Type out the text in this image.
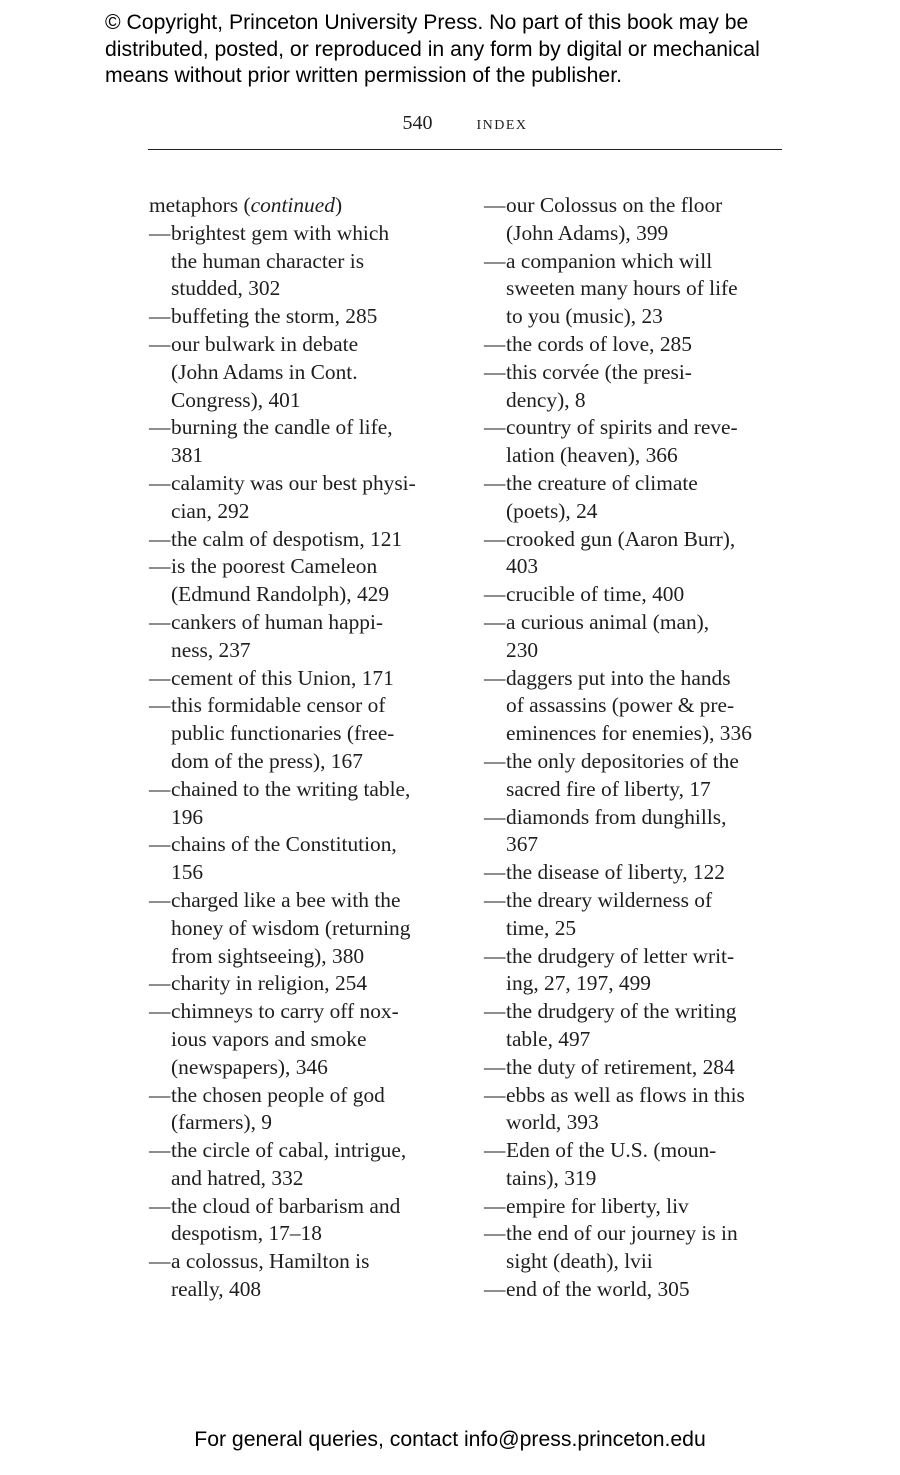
© Copyright, Princeton University Press. No part of this book may be
distributed, posted, or reproduced in any form by digital or mechanical
means without prior written permission of the publisher.
540 index
metaphors (continued)
— brightest gem with which
the human character is
studded, 302
— buffeting the storm, 285
— our bulwark in debate
(John Adams in Cont.
Congress), 401
— burning the candle of life,
381
— calamity was our best physi-
cian, 292
— the calm of despotism, 121
— is the poorest Cameleon
(Edmund Randolph), 429
— cankers of human happi-
ness, 237
— cement of this Union, 171
— this formidable censor of
public functionaries (free-
dom of the press), 167
— chained to the writing table,
196
— chains of the Constitution,
156
— charged like a bee with the
honey of wisdom (returning
from sightseeing), 380
— charity in religion, 254
— chimneys to carry off nox-
ious vapors and smoke
(newspapers), 346
— the chosen people of god
(farmers), 9
— the circle of cabal, intrigue,
and hatred, 332
— the cloud of barbarism and
despotism, 17–18
— a colossus, Hamilton is
really, 408
— our Colossus on the floor
(John Adams), 399
— a companion which will
sweeten many hours of life
to you (music), 23
— the cords of love, 285
— this corvée (the presi-
dency), 8
— country of spirits and reve-
lation (heaven), 366
— the creature of climate
(poets), 24
— crooked gun (Aaron Burr),
403
— crucible of time, 400
— a curious animal (man),
230
— daggers put into the hands
of assassins (power & pre-
eminences for enemies), 336
— the only depositories of the
sacred fire of liberty, 17
— diamonds from dunghills,
367
— the disease of liberty, 122
— the dreary wilderness of
time, 25
— the drudgery of letter writ-
ing, 27, 197, 499
— the drudgery of the writing
table, 497
— the duty of retirement, 284
— ebbs as well as flows in this
world, 393
— Eden of the U.S. (moun-
tains), 319
— empire for liberty, liv
— the end of our journey is in
sight (death), lvii
— end of the world, 305
For general queries, contact info@press.princeton.edu
